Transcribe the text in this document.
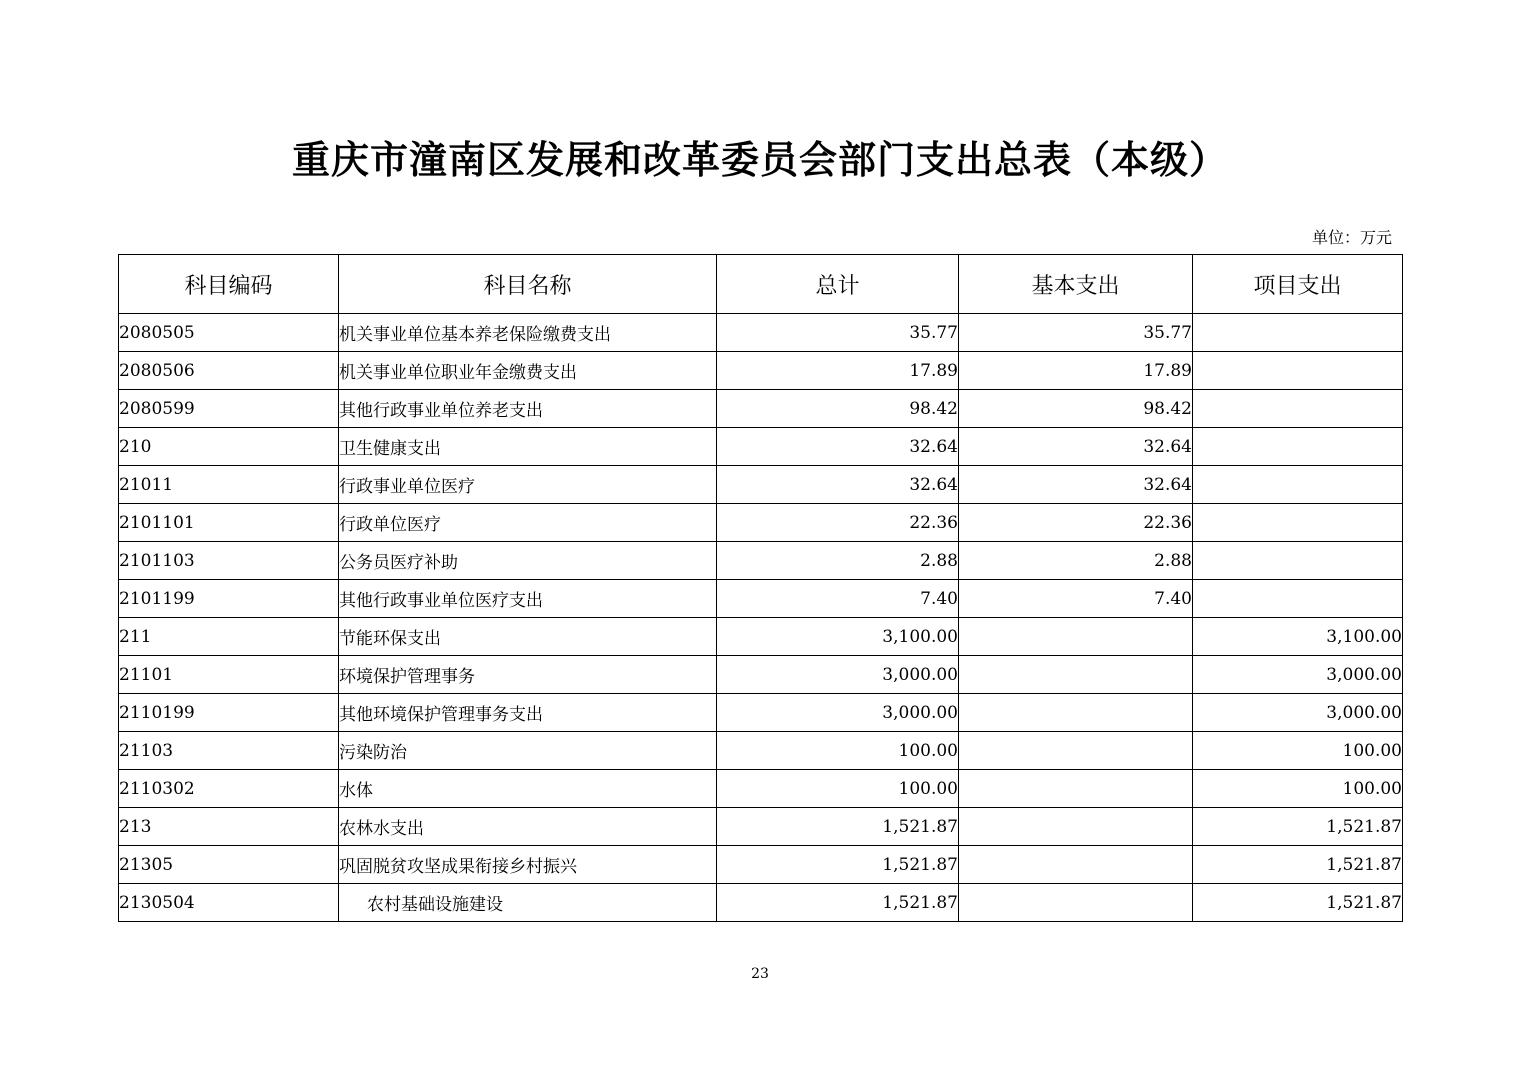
重庆市潼南区发展和改革委员会部门支出总表（本级）
单位：万元
科目编码	科目名称	总计	基本支出	项目支出
2080505	机关事业单位基本养老保险缴费支出	35.77	35.77	
2080506	机关事业单位职业年金缴费支出	17.89	17.89	
2080599	其他行政事业单位养老支出	98.42	98.42	
210	卫生健康支出	32.64	32.64	
21011	行政事业单位医疗	32.64	32.64	
2101101	行政单位医疗	22.36	22.36	
2101103	公务员医疗补助	2.88	2.88	
2101199	其他行政事业单位医疗支出	7.40	7.40	
211	节能环保支出	3,100.00		3,100.00
21101	环境保护管理事务	3,000.00		3,000.00
2110199	其他环境保护管理事务支出	3,000.00		3,000.00
21103	污染防治	100.00		100.00
2110302	水体	100.00		100.00
213	农林水支出	1,521.87		1,521.87
21305	巩固脱贫攻坚成果衔接乡村振兴	1,521.87		1,521.87
2130504	农村基础设施建设	1,521.87		1,521.87
23
